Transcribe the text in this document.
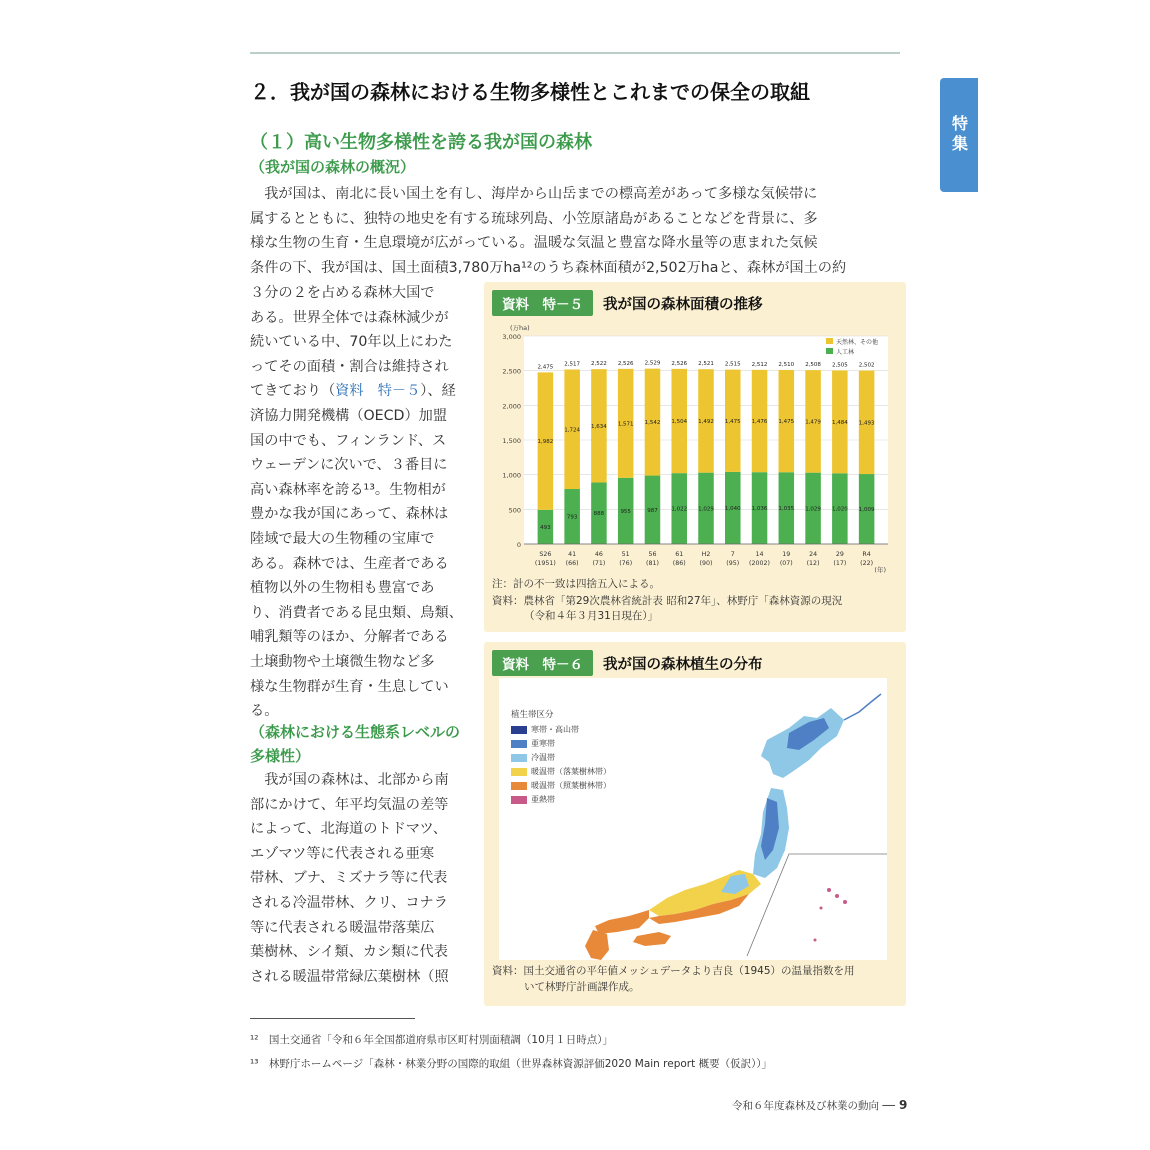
特集
２．我が国の森林における生物多様性とこれまでの保全の取組
（１）高い生物多様性を誇る我が国の森林
（我が国の森林の概況）

　我が国は、南北に長い国土を有し、海岸から山岳までの標高差があって多様な気候帯に

属するとともに、独特の地史を有する琉球列島、小笠原諸島があることなどを背景に、多

様な生物の生育・生息環境が広がっている。温暖な気温と豊富な降水量等の恵まれた気候

条件の下、我が国は、国土面積3,780万ha¹²のうち森林面積が2,502万haと、森林が国土の約

３分の２を占める森林大国で

ある。世界全体では森林減少が

続いている中、70年以上にわた

ってその面積・割合は維持され

てきており（資料　特－５）、経

済協力開発機構（OECD）加盟

国の中でも、フィンランド、ス

ウェーデンに次いで、３番目に

高い森林率を誇る¹³。生物相が

豊かな我が国にあって、森林は

陸域で最大の生物種の宝庫で

ある。森林では、生産者である

植物以外の生物相も豊富であ

り、消費者である昆虫類、鳥類、

哺乳類等のほか、分解者である

土壌動物や土壌微生物など多

様な生物群が生育・生息してい

る。

（森林における生態系レベルの
多様性）

　我が国の森林は、北部から南

部にかけて、年平均気温の差等

によって、北海道のトドマツ、

エゾマツ等に代表される亜寒

帯林、ブナ、ミズナラ等に代表

される冷温帯林、クリ、コナラ

等に代表される暖温帯落葉広

葉樹林、シイ類、カシ類に代表

される暖温帯常緑広葉樹林（照

資料　特－５	我が国の森林面積の推移
0
500
1,000
1,500
2,000
2,500
3,000
(万ha)
(年)
493
1,982
2,475
S26
(1951)
793
1,724
2,517
41
(66)
888
1,634
2,522
46
(71)
955
1,571
2,526
51
(76)
987
1,542
2,529
56
(81)
1,022
1,504
2,526
61
(86)
1,029
1,492
2,521
H2
(90)
1,040
1,475
2,515
7
(95)
1,036
1,476
2,512
14
(2002)
1,035
1,475
2,510
19
(07)
1,029
1,479
2,508
24
(12)
1,020
1,484
2,505
29
(17)
1,009
1,493
2,502
R4
(22)
天然林、その他
人工林
注：計の不一致は四捨五入による。
資料：農林省「第29次農林省統計表 昭和27年」、林野庁「森林資源の現況
（令和４年３月31日現在）」
資料　特－６	我が国の森林植生の分布
植生帯区分
寒帯・高山帯
亜寒帯
冷温帯
暖温帯（落葉樹林帯）
暖温帯（照葉樹林帯）
亜熱帯
資料：国土交通省の平年値メッシュデータより吉良（1945）の温量指数を用
いて林野庁計画課作成。
¹²　国土交通省「令和６年全国都道府県市区町村別面積調（10月１日時点）」
¹³　林野庁ホームページ「森林・林業分野の国際的取組（世界森林資源評価2020 Main report 概要（仮訳））」
令和６年度森林及び林業の動向 ── 9
